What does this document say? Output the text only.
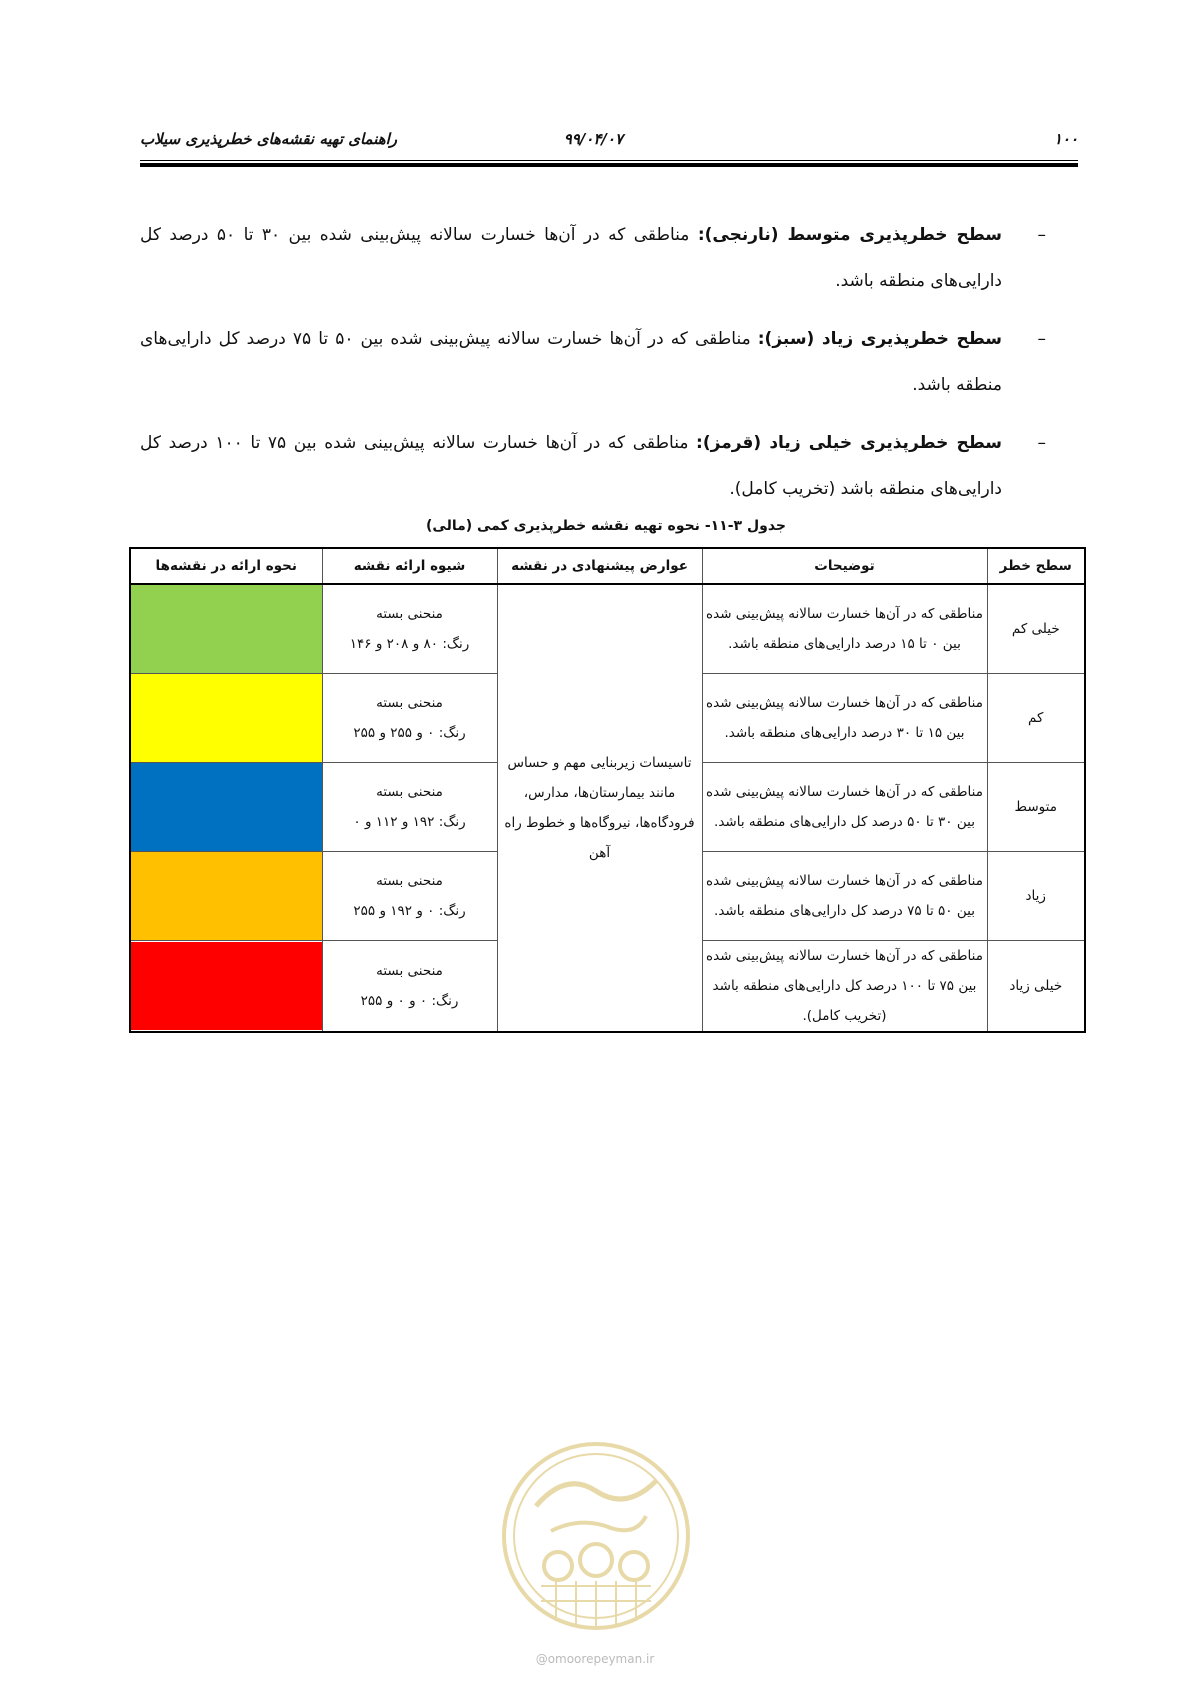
۱۰۰
۹۹/۰۴/۰۷
راهنمای تهیه نقشه‌های خطرپذیری سیلاب
–
سطح خطرپذیری متوسط (نارنجی): مناطقی که در آن‌ها خسارت سالانه پیش‌بینی شده بین ۳۰ تا ۵۰ درصد کل دارایی‌های منطقه باشد.
–
سطح خطرپذیری زیاد (سبز): مناطقی که در آن‌ها خسارت سالانه پیش‌بینی شده بین ۵۰ تا ۷۵ درصد کل دارایی‌های منطقه باشد.
–
سطح خطرپذیری خیلی زیاد (قرمز): مناطقی که در آن‌ها خسارت سالانه پیش‌بینی شده بین ۷۵ تا ۱۰۰ درصد کل دارایی‌های منطقه باشد (تخریب کامل).
جدول ۳-۱۱- نحوه تهیه نقشه خطرپذیری کمی (مالی)
سطح خطر	توضیحات	عوارض پیشنهادی در نقشه	شیوه ارائه نقشه	نحوه ارائه در نقشه‌ها
خیلی کم	مناطقی که در آن‌ها خسارت سالانه پیش‌بینی شده بین ۰ تا ۱۵ درصد دارایی‌های منطقه باشد.	تاسیسات زیربنایی مهم و حساس مانند بیمارستان‌ها، مدارس، فرودگاه‌ها، نیروگاه‌ها و خطوط راه آهن	منحنی بسته
رنگ: ۸۰ و ۲۰۸ و ۱۴۶	

کم	مناطقی که در آن‌ها خسارت سالانه پیش‌بینی شده بین ۱۵ تا ۳۰ درصد دارایی‌های منطقه باشد.		منحنی بسته
رنگ: ۰ و ۲۵۵ و ۲۵۵	

متوسط	مناطقی که در آن‌ها خسارت سالانه پیش‌بینی شده بین ۳۰ تا ۵۰ درصد کل دارایی‌های منطقه باشد.		منحنی بسته
رنگ: ۱۹۲ و ۱۱۲ و ۰	

زیاد	مناطقی که در آن‌ها خسارت سالانه پیش‌بینی شده بین ۵۰ تا ۷۵ درصد کل دارایی‌های منطقه باشد.		منحنی بسته
رنگ: ۰ و ۱۹۲ و ۲۵۵	

خیلی زیاد	مناطقی که در آن‌ها خسارت سالانه پیش‌بینی شده بین ۷۵ تا ۱۰۰ درصد کل دارایی‌های منطقه باشد (تخریب کامل).		منحنی بسته
رنگ: ۰ و ۰ و ۲۵۵	

@omoorepeyman.ir
